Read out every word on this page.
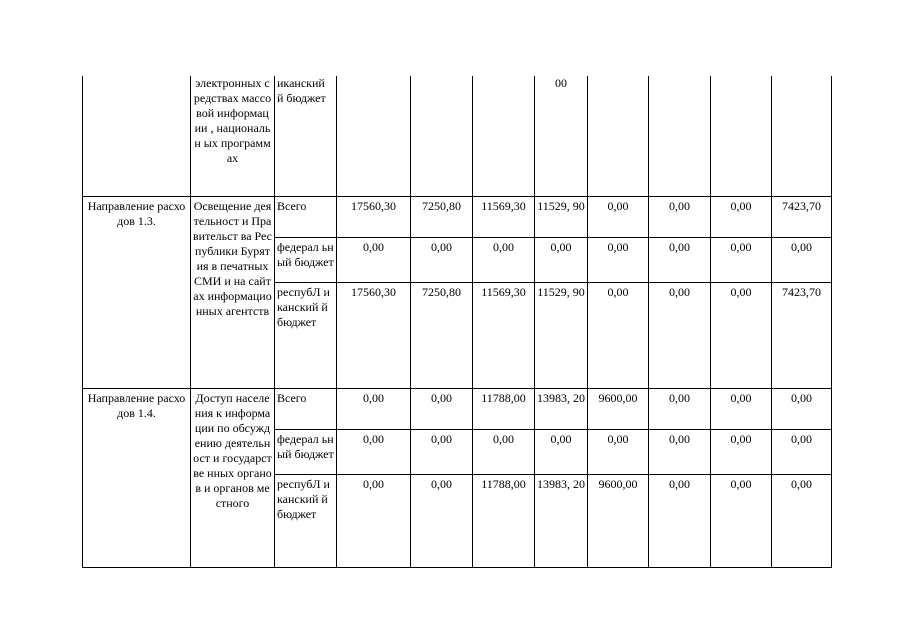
	электронных средствах массовой информации , национальн ых программах	иканский й бюджет				00				
Направление расходов 1.3.	Освещение деятельност и Правительст ва Республики Бурятия в печатных СМИ и на сайтах информацио нных агентств	Всего	17560,30	7250,80	11569,30	11529, 90	0,00	0,00	0,00	7423,70
		федерал ьный бюджет	0,00	0,00	0,00	0,00	0,00	0,00	0,00	0,00
		респубЛ иканский й бюджет	17560,30	7250,80	11569,30	11529, 90	0,00	0,00	0,00	7423,70
Направление расходов 1.4.	Доступ населения к информации по обсуждению деятельност и государстве нных органов и органов местного	Всего	0,00	0,00	11788,00	13983, 20	9600,00	0,00	0,00	0,00
		федерал ьный бюджет	0,00	0,00	0,00	0,00	0,00	0,00	0,00	0,00
		респубЛ иканский й бюджет	0,00	0,00	11788,00	13983, 20	9600,00	0,00	0,00	0,00
